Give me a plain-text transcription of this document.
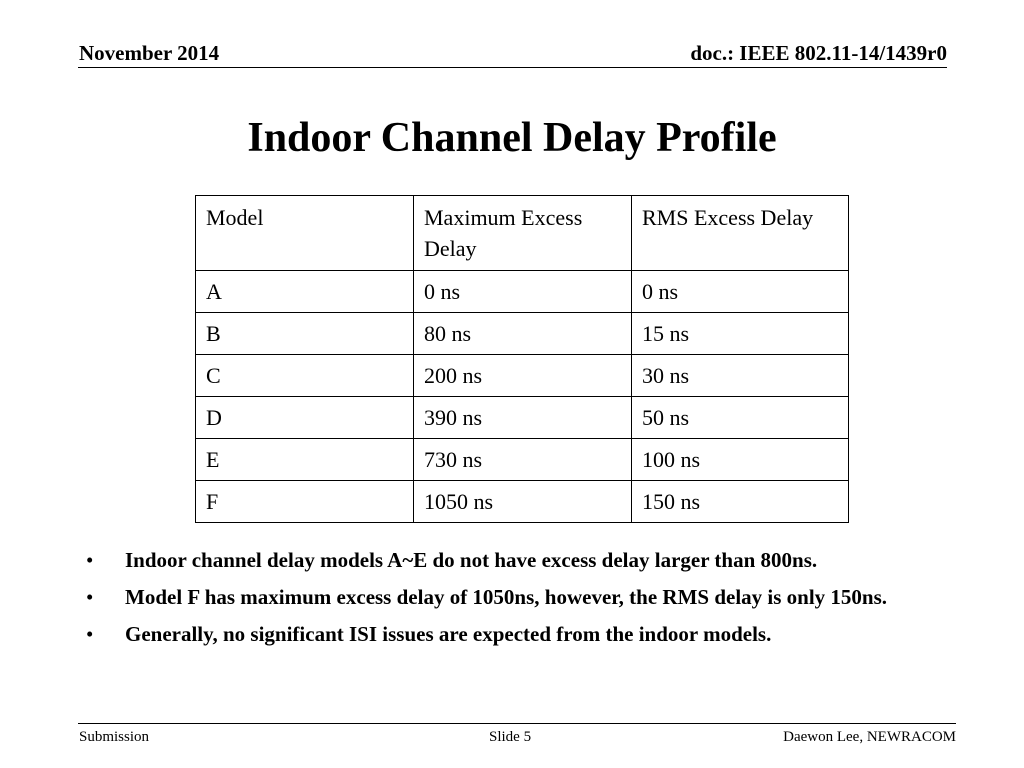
November 2014	doc.: IEEE 802.11-14/1439r0
Indoor Channel Delay Profile
Model	Maximum Excess Delay	RMS Excess Delay
A	0 ns	0 ns
B	80 ns	15 ns
C	200 ns	30 ns
D	390 ns	50 ns
E	730 ns	100 ns
F	1050 ns	150 ns
• Indoor channel delay models A~E do not have excess delay larger than 800ns.
• Model F has maximum excess delay of 1050ns, however, the RMS delay is only 150ns.
• Generally, no significant ISI issues are expected from the indoor models.
Submission	Slide 5	Daewon Lee, NEWRACOM
